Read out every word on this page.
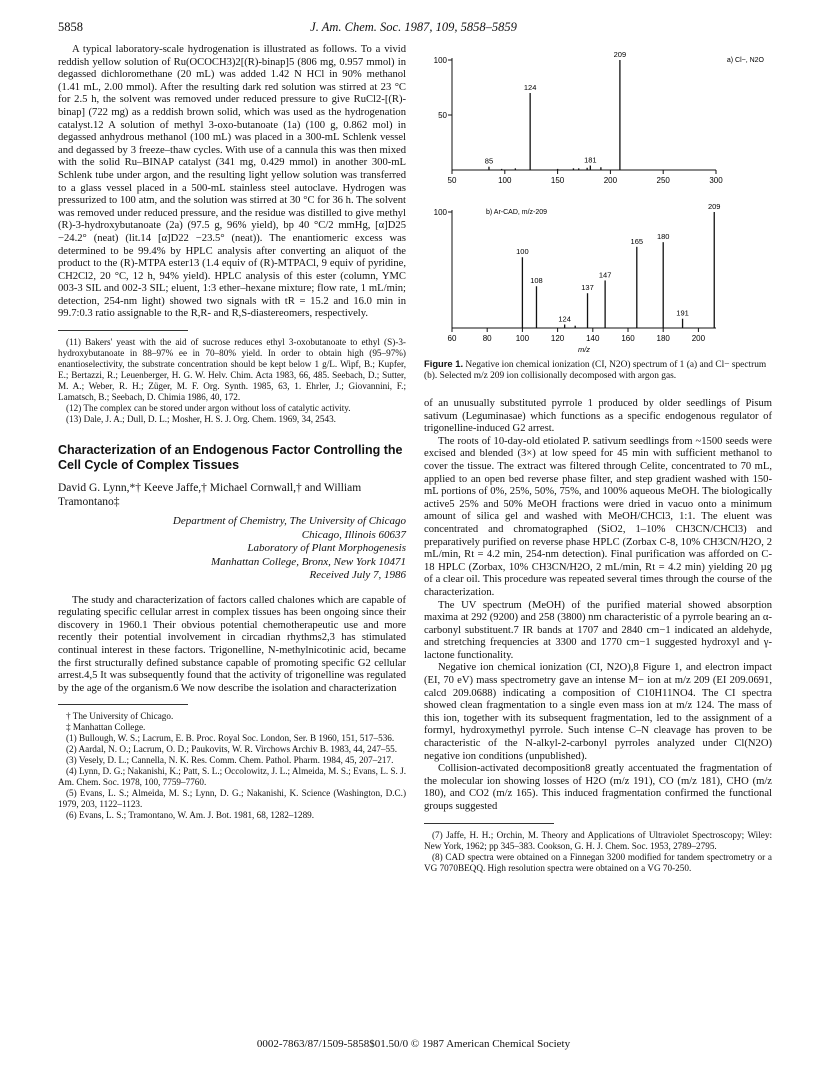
5858	J. Am. Chem. Soc. 1987, 109, 5858–5859

A typical laboratory-scale hydrogenation is illustrated as follows. To a vivid reddish yellow solution of Ru(OCOCH3)2[(R)-binap]5 (806 mg, 0.957 mmol) in degassed dichloromethane (20 mL) was added 1.42 N HCl in 90% methanol (1.41 mL, 2.00 mmol). After the resulting dark red solution was stirred at 23 °C for 2.5 h, the solvent was removed under reduced pressure to give RuCl2-[(R)-binap] (722 mg) as a reddish brown solid, which was used as the hydrogenation catalyst.12 A solution of methyl 3-oxo-butanoate (1a) (100 g, 0.862 mol) in degassed anhydrous methanol (100 mL) was placed in a 300-mL Schlenk vessel and degassed by 3 freeze–thaw cycles. With use of a cannula this was then mixed with the solid Ru–BINAP catalyst (341 mg, 0.429 mmol) in another 300-mL Schlenk tube under argon, and the resulting light yellow solution was transferred to a glass vessel placed in a 500-mL stainless steel autoclave. Hydrogen was pressurized to 100 atm, and the solution was stirred at 30 °C for 36 h. The solvent was removed under reduced pressure, and the residue was distilled to give methyl (R)-3-hydroxybutanoate (2a) (97.5 g, 96% yield), bp 40 °C/2 mmHg, [α]D25 −24.2° (neat) (lit.14 [α]D22 −23.5° (neat)). The enantiomeric excess was determined to be 99.4% by HPLC analysis after converting an aliquot of the product to the (R)-MTPA ester13 (1.4 equiv of (R)-MTPACl, 9 equiv of pyridine, CH2Cl2, 20 °C, 12 h, 94% yield). HPLC analysis of this ester (column, YMC 003-3 SIL and 002-3 SIL; eluent, 1:3 ether–hexane mixture; flow rate, 1 mL/min; detection, 254-nm light) showed two signals with tR = 15.2 and 16.0 min in 99.7:0.3 ratio assignable to the R,R- and R,S-diastereomers, respectively.

(11) Bakers' yeast with the aid of sucrose reduces ethyl 3-oxobutanoate to ethyl (S)-3-hydroxybutanoate in 88–97% ee in 70–80% yield. In order to obtain high (95–97%) enantioselectivity, the substrate concentration should be kept below 1 g/L. Wipf, B.; Kupfer, E.; Bertazzi, R.; Leuenberger, H. G. W. Helv. Chim. Acta 1983, 66, 485. Seebach, D.; Sutter, M. A.; Weber, R. H.; Züger, M. F. Org. Synth. 1985, 63, 1. Ehrler, J.; Giovannini, F.; Lamatsch, B.; Seebach, D. Chimia 1986, 40, 172.

(12) The complex can be stored under argon without loss of catalytic activity.

(13) Dale, J. A.; Dull, D. L.; Mosher, H. S. J. Org. Chem. 1969, 34, 2543.

Characterization of an Endogenous Factor Controlling the Cell Cycle of Complex Tissues
David G. Lynn,*† Keeve Jaffe,† Michael Cornwall,† and William Tramontano‡
Department of Chemistry, The University of Chicago
Chicago, Illinois 60637
Laboratory of Plant Morphogenesis
Manhattan College, Bronx, New York 10471
Received July 7, 1986

The study and characterization of factors called chalones which are capable of regulating specific cellular arrest in complex tissues has been ongoing since their discovery in 1960.1 Their obvious potential chemotherapeutic use and more recently their potential involvement in circadian rhythms2,3 has stimulated continual interest in these factors. Trigonelline, N-methylnicotinic acid, became the first structurally defined substance capable of promoting specific G2 cellular arrest.4,5 It was subsequently found that the activity of trigonelline was regulated by the age of the organism.6 We now describe the isolation and characterization

† The University of Chicago.

‡ Manhattan College.

(1) Bullough, W. S.; Lacrum, E. B. Proc. Royal Soc. London, Ser. B 1960, 151, 517–536.

(2) Aardal, N. O.; Lacrum, O. D.; Paukovits, W. R. Virchows Archiv B. 1983, 44, 247–55.

(3) Vesely, D. L.; Cannella, N. K. Res. Comm. Chem. Pathol. Pharm. 1984, 45, 207–217.

(4) Lynn, D. G.; Nakanishi, K.; Patt, S. L.; Occolowitz, J. L.; Almeida, M. S.; Evans, L. S. J. Am. Chem. Soc. 1978, 100, 7759–7760.

(5) Evans, L. S.; Almeida, M. S.; Lynn, D. G.; Nakanishi, K. Science (Washington, D.C.) 1979, 203, 1122–1123.

(6) Evans, L. S.; Tramontano, W. Am. J. Bot. 1981, 68, 1282–1289.

50
100
50	100	150	200	250	300
85
124
181
209
a) Cl−, N2O
100
60	80	100	120	140	160	180	200
100
108
124
137
147
165
180
191
209
b) Ar-CAD, m/z-209
m/z
Figure 1. Negative ion chemical ionization (CI, N2O) spectrum of 1 (a) and Cl− spectrum (b). Selected m/z 209 ion collisionally decomposed with argon gas.

of an unusually substituted pyrrole 1 produced by older seedlings of Pisum sativum (Leguminasae) which functions as a specific endogenous regulator of trigonelline-induced G2 arrest.

The roots of 10-day-old etiolated P. sativum seedlings from ~1500 seeds were excised and blended (3×) at low speed for 45 min with sufficient methanol to cover the tissue. The extract was filtered through Celite, concentrated to 70 mL, applied to an open bed reverse phase filter, and step gradient washed with 150-mL portions of 0%, 25%, 50%, 75%, and 100% aqueous MeOH. The biologically active5 25% and 50% MeOH fractions were dried in vacuo onto a minimum amount of silica gel and washed with MeOH/CHCl3, 1:1. The eluent was concentrated and chromatographed (SiO2, 1–10% CH3CN/CHCl3) and preparatively purified on reverse phase HPLC (Zorbax C-8, 10% CH3CN/H2O, 2 mL/min, Rt = 4.2 min, 254-nm detection). Final purification was afforded on C-18 HPLC (Zorbax, 10% CH3CN/H2O, 2 mL/min, Rt = 4.2 min) yielding 20 µg of a clear oil. This procedure was repeated several times through the course of the characterization.

The UV spectrum (MeOH) of the purified material showed absorption maxima at 292 (9200) and 258 (3800) nm characteristic of a pyrrole bearing an α-carbonyl substituent.7 IR bands at 1707 and 2840 cm−1 indicated an aldehyde, and stretching frequencies at 3300 and 1770 cm−1 suggested hydroxyl and γ-lactone functionality.

Negative ion chemical ionization (CI, N2O),8 Figure 1, and electron impact (EI, 70 eV) mass spectrometry gave an intense M− ion at m/z 209 (EI 209.0691, calcd 209.0688) indicating a composition of C10H11NO4. The CI spectra showed clean fragmentation to a single even mass ion at m/z 124. The mass of this ion, together with its subsequent fragmentation, led to the assignment of a formyl, hydroxymethyl pyrrole. Such intense C–N cleavage has proven to be characteristic of the N-alkyl-2-carbonyl pyrroles analyzed under Cl(N2O) negative ion conditions (unpublished).

Collision-activated decomposition8 greatly accentuated the fragmentation of the molecular ion showing losses of H2O (m/z 191), CO (m/z 181), CHO (m/z 180), and CO2 (m/z 165). This induced fragmentation confirmed the functional groups suggested

(7) Jaffe, H. H.; Orchin, M. Theory and Applications of Ultraviolet Spectroscopy; Wiley: New York, 1962; pp 345–383. Cookson, G. H. J. Chem. Soc. 1953, 2789–2795.

(8) CAD spectra were obtained on a Finnegan 3200 modified for tandem spectrometry or a VG 7070BEQQ. High resolution spectra were obtained on a VG 70-250.

0002-7863/87/1509-5858$01.50/0 © 1987 American Chemical Society
